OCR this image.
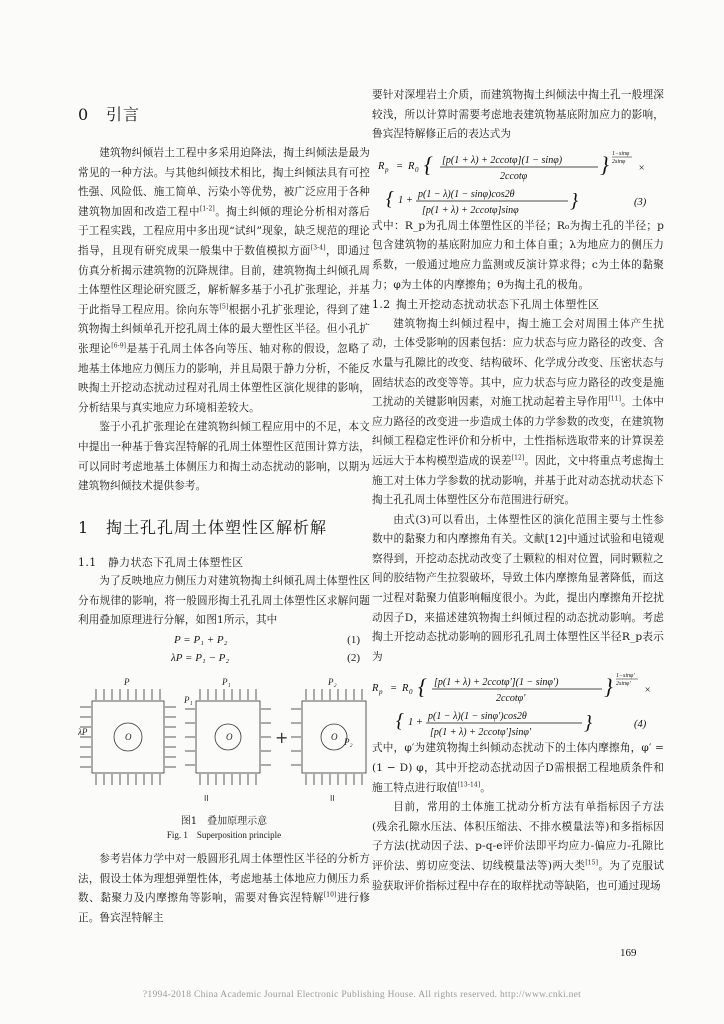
0 引言

建筑物纠倾岩土工程中多采用迫降法，掏土纠倾法是最为常见的一种方法。与其他纠倾技术相比，掏土纠倾法具有可控性强、风险低、施工简单、污染小等优势，被广泛应用于各种建筑物加固和改造工程中[1-2]。掏土纠倾的理论分析相对落后于工程实践，工程应用中多出现“试纠”现象，缺乏规范的理论指导，且现有研究成果一般集中于数值模拟方面[3-4]，即通过仿真分析揭示建筑物的沉降规律。目前，建筑物掏土纠倾孔周土体塑性区理论研究匮乏，解析解多基于小孔扩张理论，并基于此指导工程应用。徐向东等[5]根据小孔扩张理论，得到了建筑物掏土纠倾单孔开挖孔周土体的最大塑性区半径。但小孔扩张理论[6-9]是基于孔周土体各向等压、轴对称的假设，忽略了地基土体地应力侧压力的影响，并且局限于静力分析，不能反映掏土开挖动态扰动过程对孔周土体塑性区演化规律的影响，分析结果与真实地应力环境相差较大。

鉴于小孔扩张理论在建筑物纠倾工程应用中的不足，本文中提出一种基于鲁宾涅特解的孔周土体塑性区范围计算方法，可以同时考虑地基土体侧压力和掏土动态扰动的影响，以期为建筑物纠倾技术提供参考。

1 掏土孔孔周土体塑性区解析解
1.1 静力状态下孔周土体塑性区

为了反映地应力侧压力对建筑物掏土纠倾孔周土体塑性区分布规律的影响，将一般圆形掏土孔孔周土体塑性区求解问题利用叠加原理进行分解，如图1所示，其中

P = P₁ + P₂	(1)
λP = P₁ − P₂	(2)
P
λP	O
P₁
P₁
O
P₂
P₂
O
+
II	II
图1　叠加原理示意
Fig. 1　Superposition principle

参考岩体力学中对一般圆形孔周土体塑性区半径的分析方法，假设土体为理想弹塑性体，考虑地基土体地应力侧压力系数、黏聚力及内摩擦角等影响，需要对鲁宾涅特解[10]进行修正。鲁宾涅特解主

要针对深埋岩土介质，而建筑物掏土纠倾法中掏土孔一般埋深较浅，所以计算时需要考虑地表建筑物基底附加应力的影响，鲁宾涅特解修正后的表达式为

R p = R 0 { [p(1 + λ) + 2ccotφ](1 − sinφ)
2ccotφ	} 1−sinφ
2sinφ
×
{ 1 +
p(1 − λ)(1 − sinφ)cos2θ
[p(1 + λ) + 2ccotφ]sinφ	}	(3)

式中：R_p为孔周土体塑性区的半径；R₀为掏土孔的半径；p包含建筑物的基底附加应力和土体自重；λ为地应力的侧压力系数，一般通过地应力监测或反演计算求得；c为土体的黏聚力；φ为土体的内摩擦角；θ为掏土孔的极角。

1.2 掏土开挖动态扰动状态下孔周土体塑性区

建筑物掏土纠倾过程中，掏土施工会对周围土体产生扰动，土体受影响的因素包括：应力状态与应力路径的改变、含水量与孔隙比的改变、结构破坏、化学成分改变、压密状态与固结状态的改变等等。其中，应力状态与应力路径的改变是施工扰动的关键影响因素，对施工扰动起着主导作用[11]。土体中应力路径的改变进一步造成土体的力学参数的改变，在建筑物纠倾工程稳定性评价和分析中，土性指标选取带来的计算误差远远大于本构模型造成的误差[12]。因此，文中将重点考虑掏土施工对土体力学参数的扰动影响，并基于此对动态扰动状态下掏土孔孔周土体塑性区分布范围进行研究。

由式(3)可以看出，土体塑性区的演化范围主要与土性参数中的黏聚力和内摩擦角有关。文献[12]中通过试验和电镜观察得到，开挖动态扰动改变了土颗粒的相对位置，同时颗粒之间的胶结物产生拉裂破坏，导致土体内摩擦角显著降低，而这一过程对黏聚力值影响幅度很小。为此，提出内摩擦角开挖扰动因子D，来描述建筑物掏土纠倾过程的动态扰动影响。考虑掏土开挖动态扰动影响的圆形孔孔周土体塑性区半径R_p表示为

R p = R 0 { [p(1 + λ) + 2ccotφ′](1 − sinφ′)
2ccotφ′	} 1−sinφ′
2sinφ′
×
{ 1 +
p(1 − λ)(1 − sinφ′)cos2θ
[p(1 + λ) + 2ccotφ′]sinφ′	}	(4)

式中，φ′为建筑物掏土纠倾动态扰动下的土体内摩擦角，φ′ = (1 − D) φ，其中开挖动态扰动因子D需根据工程地质条件和施工特点进行取值[13-14]。

目前，常用的土体施工扰动分析方法有单指标因子方法(残余孔隙水压法、体积压缩法、不排水模量法等)和多指标因子方法(扰动因子法、p-q-e评价法即平均应力-偏应力-孔隙比评价法、剪切应变法、切线模量法等)两大类[15]。为了克服试验获取评价指标过程中存在的取样扰动等缺陷，也可通过现场

169
?1994-2018 China Academic Journal Electronic Publishing House. All rights reserved. http://www.cnki.net
